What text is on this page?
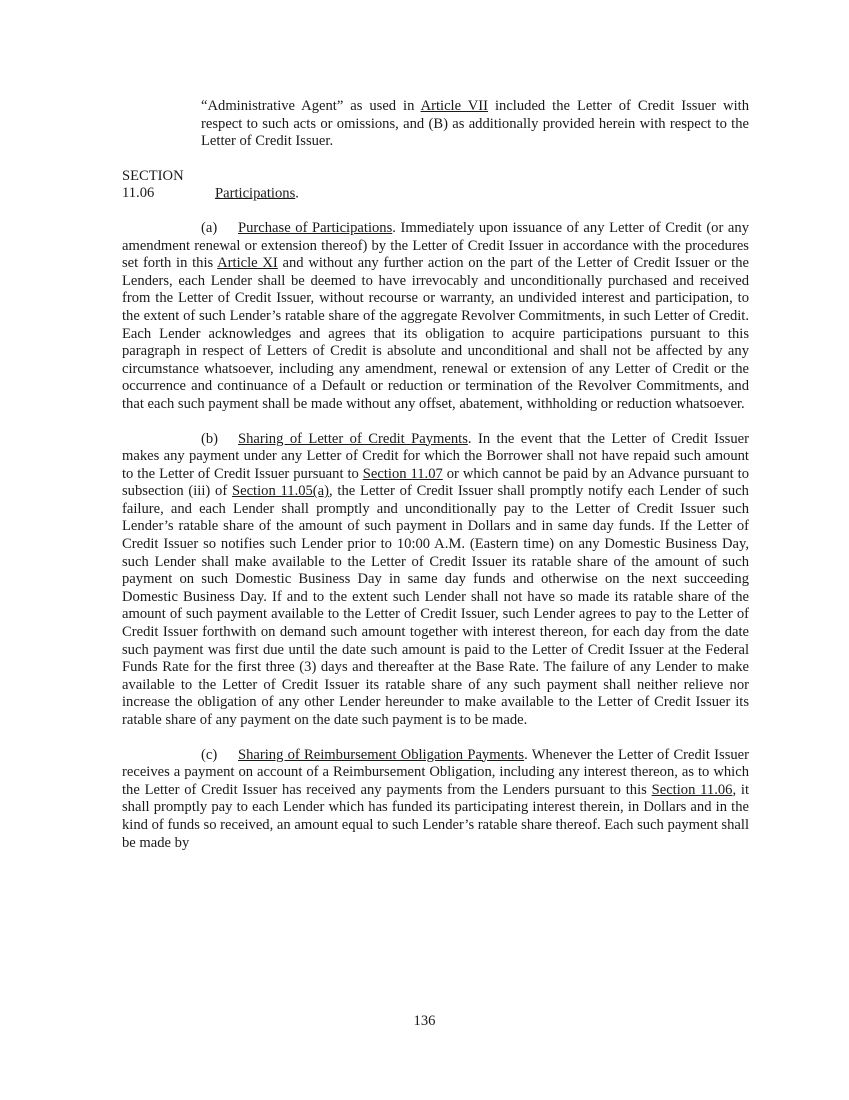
“Administrative Agent” as used in Article VII included the Letter of Credit Issuer with respect to such acts or omissions, and (B) as additionally provided herein with respect to the Letter of Credit Issuer.

SECTION 11.06	Participations.

(a) Purchase of Participations. Immediately upon issuance of any Letter of Credit (or any amendment renewal or extension thereof) by the Letter of Credit Issuer in accordance with the procedures set forth in this Article XI and without any further action on the part of the Letter of Credit Issuer or the Lenders, each Lender shall be deemed to have irrevocably and unconditionally purchased and received from the Letter of Credit Issuer, without recourse or warranty, an undivided interest and participation, to the extent of such Lender’s ratable share of the aggregate Revolver Commitments, in such Letter of Credit. Each Lender acknowledges and agrees that its obligation to acquire participations pursuant to this paragraph in respect of Letters of Credit is absolute and unconditional and shall not be affected by any circumstance whatsoever, including any amendment, renewal or extension of any Letter of Credit or the occurrence and continuance of a Default or reduction or termination of the Revolver Commitments, and that each such payment shall be made without any offset, abatement, withholding or reduction whatsoever.

(b) Sharing of Letter of Credit Payments. In the event that the Letter of Credit Issuer makes any payment under any Letter of Credit for which the Borrower shall not have repaid such amount to the Letter of Credit Issuer pursuant to Section 11.07 or which cannot be paid by an Advance pursuant to subsection (iii) of Section 11.05(a), the Letter of Credit Issuer shall promptly notify each Lender of such failure, and each Lender shall promptly and unconditionally pay to the Letter of Credit Issuer such Lender’s ratable share of the amount of such payment in Dollars and in same day funds. If the Letter of Credit Issuer so notifies such Lender prior to 10:00 A.M. (Eastern time) on any Domestic Business Day, such Lender shall make available to the Letter of Credit Issuer its ratable share of the amount of such payment on such Domestic Business Day in same day funds and otherwise on the next succeeding Domestic Business Day. If and to the extent such Lender shall not have so made its ratable share of the amount of such payment available to the Letter of Credit Issuer, such Lender agrees to pay to the Letter of Credit Issuer forthwith on demand such amount together with interest thereon, for each day from the date such payment was first due until the date such amount is paid to the Letter of Credit Issuer at the Federal Funds Rate for the first three (3) days and thereafter at the Base Rate. The failure of any Lender to make available to the Letter of Credit Issuer its ratable share of any such payment shall neither relieve nor increase the obligation of any other Lender hereunder to make available to the Letter of Credit Issuer its ratable share of any payment on the date such payment is to be made.

(c) Sharing of Reimbursement Obligation Payments. Whenever the Letter of Credit Issuer receives a payment on account of a Reimbursement Obligation, including any interest thereon, as to which the Letter of Credit Issuer has received any payments from the Lenders pursuant to this Section 11.06, it shall promptly pay to each Lender which has funded its participating interest therein, in Dollars and in the kind of funds so received, an amount equal to such Lender’s ratable share thereof. Each such payment shall be made by

136
